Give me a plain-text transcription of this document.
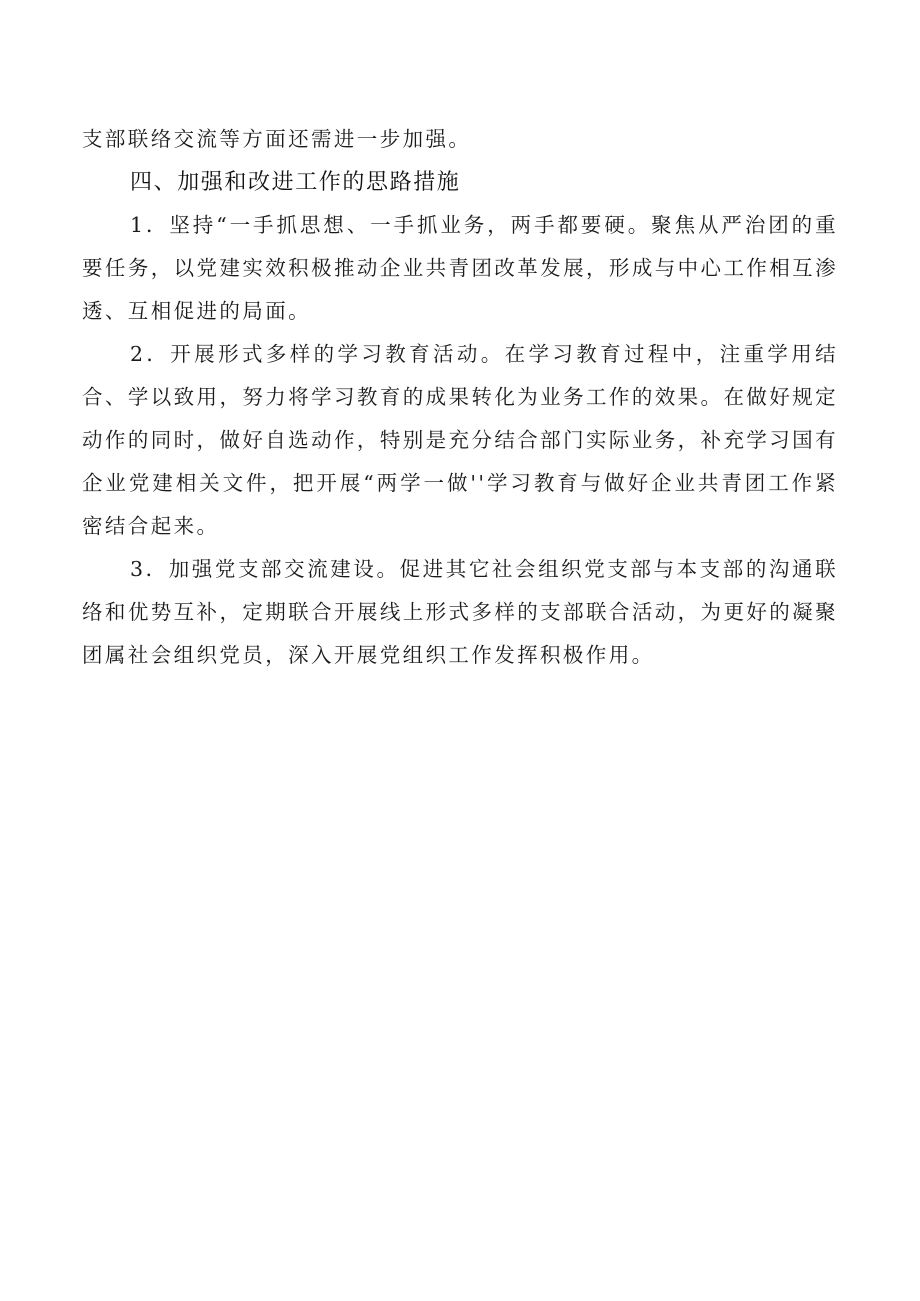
支部联络交流等方面还需进一步加强。

四、加强和改进工作的思路措施

1．坚持“一手抓思想、一手抓业务，两手都要硬。聚焦从严治团的重要任务，以党建实效积极推动企业共青团改革发展，形成与中心工作相互渗透、互相促进的局面。

2．开展形式多样的学习教育活动。在学习教育过程中，注重学用结合、学以致用，努力将学习教育的成果转化为业务工作的效果。在做好规定动作的同时，做好自选动作，特别是充分结合部门实际业务，补充学习国有企业党建相关文件，把开展“两学一做''学习教育与做好企业共青团工作紧密结合起来。

3．加强党支部交流建设。促进其它社会组织党支部与本支部的沟通联络和优势互补，定期联合开展线上形式多样的支部联合活动，为更好的凝聚团属社会组织党员，深入开展党组织工作发挥积极作用。
